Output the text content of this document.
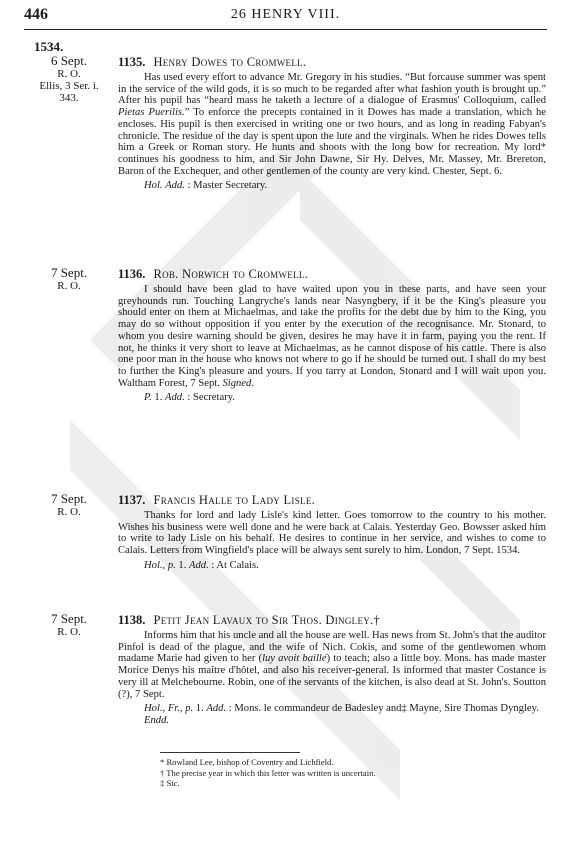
446	26 HENRY VIII.
1534.
6 Sept.
R. O.
Ellis, 3 Ser. i.
343.
1135. Henry Dowes to Cromwell.
Has used every effort to advance Mr. Gregory in his studies. “But forcause summer was spent in the service of the wild gods, it is so much to be regarded after what fashion youth is brought up.” After his pupil has “heard mass he taketh a lecture of a dialogue of Erasmus' Colloquium, called Pietas Puerilis.” To enforce the precepts contained in it Dowes has made a translation, which he encloses. His pupil is then exercised in writing one or two hours, and as long in reading Fabyan's chronicle. The residue of the day is spent upon the lute and the virginals. When he rides Dowes tells him a Greek or Roman story. He hunts and shoots with the long bow for recreation. My lord* continues his goodness to him, and Sir John Dawne, Sir Hy. Delves, Mr. Massey, Mr. Brereton, Baron of the Exchequer, and other gentlemen of the county are very kind. Chester, Sept. 6.
Hol. Add. : Master Secretary.
7 Sept.
R. O.
1136. Rob. Norwich to Cromwell.
I should have been glad to have waited upon you in these parts, and have seen your greyhounds run. Touching Langryche's lands near Nasyngbery, if it be the King's pleasure you should enter on them at Michaelmas, and take the profits for the debt due by him to the King, you may do so without opposition if you enter by the execution of the recognisance. Mr. Stonard, to whom you desire warning should be given, desires he may have it in farm, paying you the rent. If not, he thinks it very short to leave at Michaelmas, as he cannot dispose of his cattle. There is also one poor man in the house who knows not where to go if he should be turned out. I shall do my best to further the King's pleasure and yours. If you tarry at London, Stonard and I will wait upon you. Waltham Forest, 7 Sept. Signed.
P. 1. Add. : Secretary.
7 Sept.
R. O.
1137. Francis Halle to Lady Lisle.
Thanks for lord and lady Lisle's kind letter. Goes tomorrow to the country to his mother. Wishes his business were well done and he were back at Calais. Yesterday Geo. Bowsser asked him to write to lady Lisle on his behalf. He desires to continue in her service, and wishes to come to Calais. Letters from Wingfield's place will be always sent surely to him. London, 7 Sept. 1534.
Hol., p. 1. Add. : At Calais.
7 Sept.
R. O.
1138. Petit Jean Lavaux to Sir Thos. Dingley.†
Informs him that his uncle and all the house are well. Has news from St. John's that the auditor Pinfol is dead of the plague, and the wife of Nich. Cokis, and some of the gentlewomen whom madame Marie had given to her (luy avoit baillé) to teach; also a little boy. Mons. has made master Morice Denys his maître d'hôtel, and also his receiver-general. Is informed that master Costance is very ill at Melchebourne. Robin, one of the servants of the kitchen, is also dead at St. John's. Soutton (?), 7 Sept.
Hol., Fr., p. 1. Add. : Mons. le commandeur de Badesley and‡ Mayne, Sire Thomas Dyngley. Endd.
* Rowland Lee, bishop of Coventry and Lichfield.
† The precise year in which this letter was written is uncertain.
‡ Sic.
